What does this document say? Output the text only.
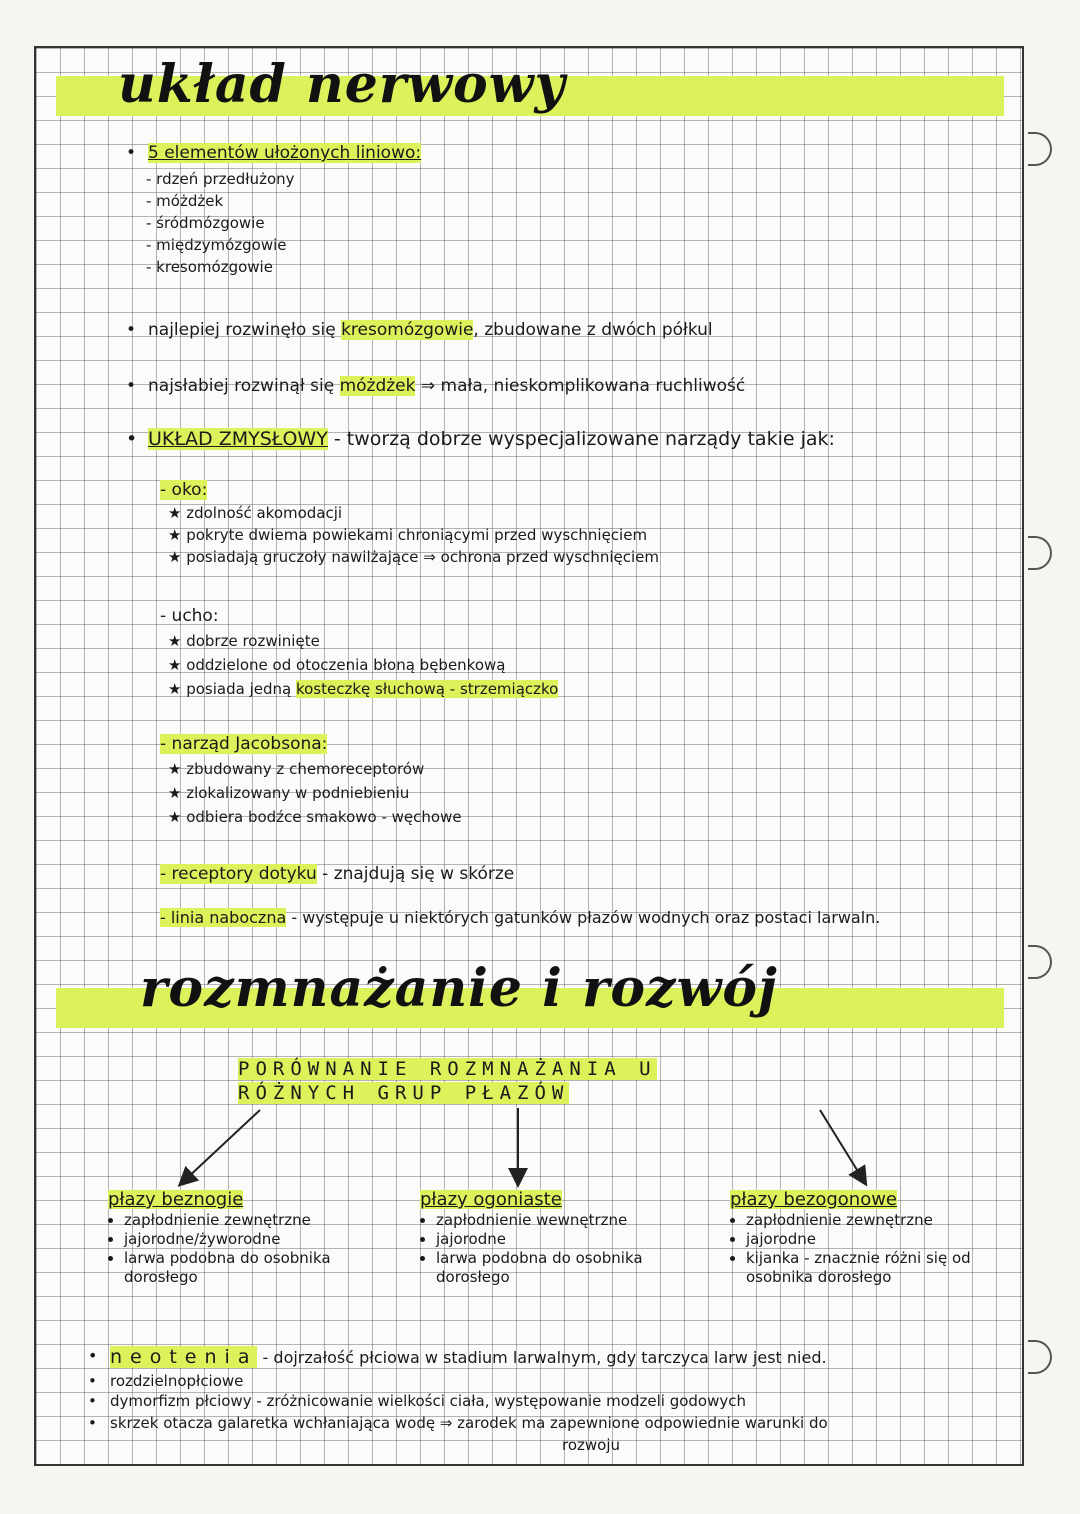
układ nerwowy
• 5 elementów ułożonych liniowo:
- rdzeń przedłużony
- móżdżek
- śródmózgowie
- międzymózgowie
- kresomózgowie
• najlepiej rozwinęło się kresomózgowie, zbudowane z dwóch półkul
• najsłabiej rozwinął się móżdżek ⇒ mała, nieskomplikowana ruchliwość
• UKŁAD ZMYSŁOWY - tworzą dobrze wyspecjalizowane narządy takie jak:
- oko:
★ zdolność akomodacji
★ pokryte dwiema powiekami chroniącymi przed wyschnięciem
★ posiadają gruczoły nawilżające ⇒ ochrona przed wyschnięciem
- ucho:
★ dobrze rozwinięte
★ oddzielone od otoczenia błoną bębenkową
★ posiada jedną kosteczkę słuchową - strzemiączko
- narząd Jacobsona:
★ zbudowany z chemoreceptorów
★ zlokalizowany w podniebieniu
★ odbiera bodźce smakowo - węchowe
- receptory dotyku - znajdują się w skórze
- linia naboczna - występuje u niektórych gatunków płazów wodnych oraz postaci larwaln.
rozmnażanie i rozwój
PORÓWNANIE ROZMNAŻANIA U
RÓŻNYCH GRUP PŁAZÓW
płazy beznogie
• zapłodnienie zewnętrzne
• jajorodne/żyworodne
• larwa podobna do osobnika dorosłego
płazy ogoniaste
• zapłodnienie wewnętrzne
• jajorodne
• larwa podobna do osobnika dorosłego
płazy bezogonowe
• zapłodnienie zewnętrzne
• jajorodne
• kijanka - znacznie różni się od osobnika dorosłego
• neotenia - dojrzałość płciowa w stadium larwalnym, gdy tarczyca larw jest nied.
• rozdzielnopłciowe
• dymorfizm płciowy - zróżnicowanie wielkości ciała, występowanie modzeli godowych
• skrzek otacza galaretka wchłaniająca wodę ⇒ zarodek ma zapewnione odpowiednie warunki do
rozwoju
